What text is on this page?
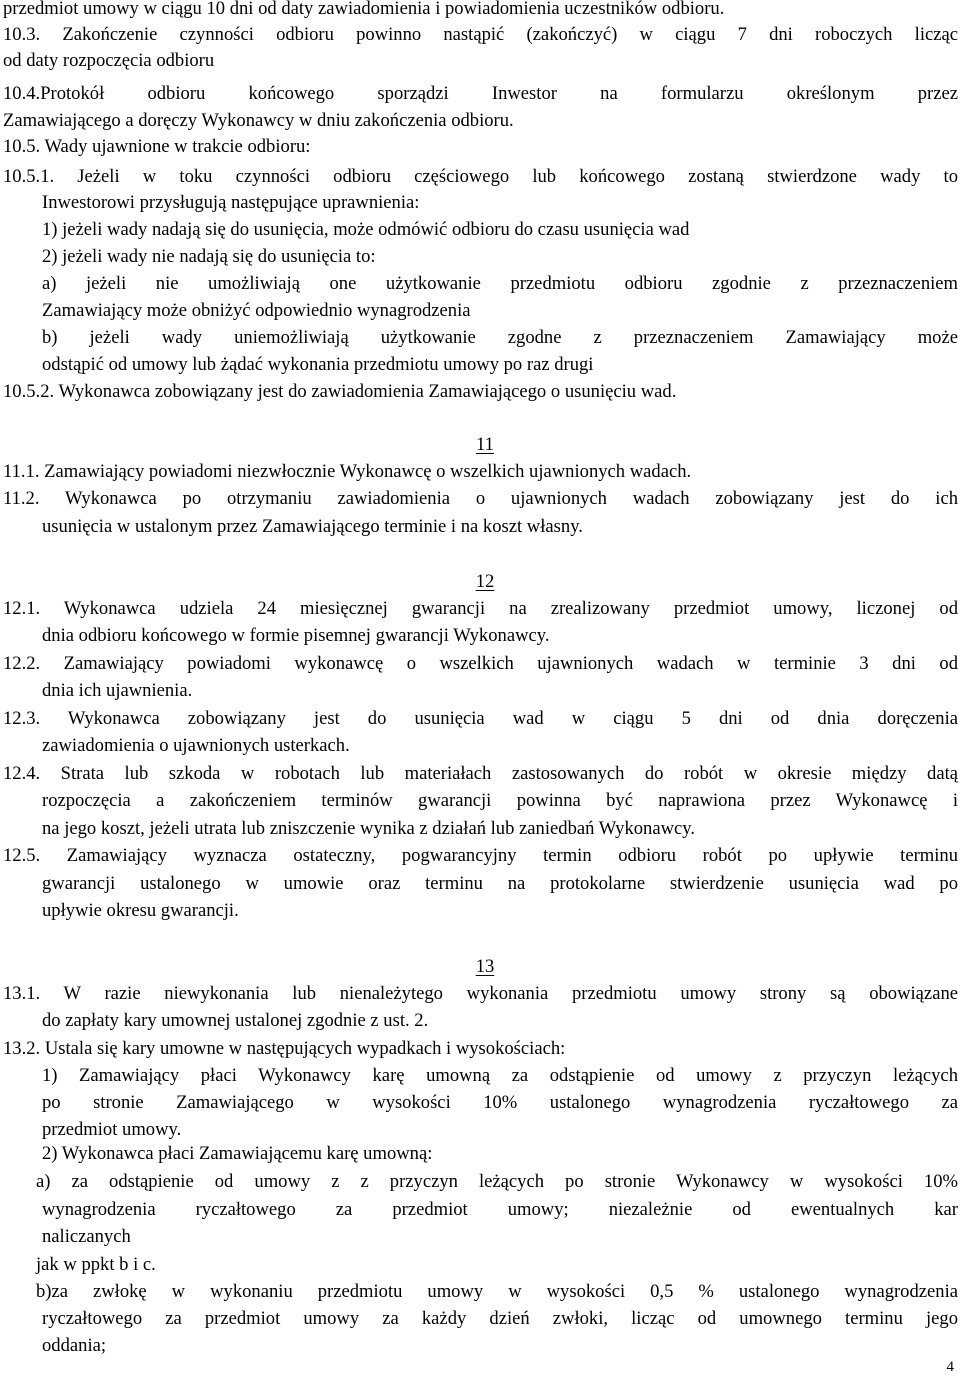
przedmiot umowy w ciągu 10 dni od daty zawiadomienia i powiadomienia uczestników odbioru.
10.3. Zakończenie czynności odbioru powinno nastąpić (zakończyć) w ciągu 7 dni roboczych licząc
od daty rozpoczęcia odbioru
10.4.Protokół odbioru końcowego sporządzi Inwestor na formularzu określonym przez
Zamawiającego a doręczy Wykonawcy w dniu zakończenia odbioru.
10.5. Wady ujawnione w trakcie odbioru:
10.5.1. Jeżeli w toku czynności odbioru częściowego lub końcowego zostaną stwierdzone wady to
Inwestorowi przysługują następujące uprawnienia:
1) jeżeli wady nadają się do usunięcia, może odmówić odbioru do czasu usunięcia wad
2) jeżeli wady nie nadają się do usunięcia to:
a) jeżeli nie umożliwiają one użytkowanie przedmiotu odbioru zgodnie z przeznaczeniem
Zamawiający może obniżyć odpowiednio wynagrodzenia
b) jeżeli wady uniemożliwiają użytkowanie zgodne z przeznaczeniem Zamawiający może
odstąpić od umowy lub żądać wykonania przedmiotu umowy po raz drugi
10.5.2. Wykonawca zobowiązany jest do zawiadomienia Zamawiającego o usunięciu wad.
11
11.1. Zamawiający powiadomi niezwłocznie Wykonawcę o wszelkich ujawnionych wadach.
11.2. Wykonawca po otrzymaniu zawiadomienia o ujawnionych wadach zobowiązany jest do ich
usunięcia w ustalonym przez Zamawiającego terminie i na koszt własny.
12
12.1. Wykonawca udziela 24 miesięcznej gwarancji na zrealizowany przedmiot umowy, liczonej od
dnia odbioru końcowego w formie pisemnej gwarancji Wykonawcy.
12.2. Zamawiający powiadomi wykonawcę o wszelkich ujawnionych wadach w terminie 3 dni od
dnia ich ujawnienia.
12.3. Wykonawca zobowiązany jest do usunięcia wad w ciągu 5 dni od dnia doręczenia
zawiadomienia o ujawnionych usterkach.
12.4. Strata lub szkoda w robotach lub materiałach zastosowanych do robót w okresie między datą
rozpoczęcia a zakończeniem terminów gwarancji powinna być naprawiona przez Wykonawcę i
na jego koszt, jeżeli utrata lub zniszczenie wynika z działań lub zaniedbań Wykonawcy.
12.5. Zamawiający wyznacza ostateczny, pogwarancyjny termin odbioru robót po upływie terminu
gwarancji ustalonego w umowie oraz terminu na protokolarne stwierdzenie usunięcia wad po
upływie okresu gwarancji.
13
13.1. W razie niewykonania lub nienależytego wykonania przedmiotu umowy strony są obowiązane
do zapłaty kary umownej ustalonej zgodnie z ust. 2.
13.2. Ustala się kary umowne w następujących wypadkach i wysokościach:
1) Zamawiający płaci Wykonawcy karę umowną za odstąpienie od umowy z przyczyn leżących
po stronie Zamawiającego w wysokości 10% ustalonego wynagrodzenia ryczałtowego za
przedmiot umowy.
2) Wykonawca płaci Zamawiającemu karę umowną:
a) za odstąpienie od umowy z z przyczyn leżących po stronie Wykonawcy w wysokości 10%
wynagrodzenia ryczałtowego za przedmiot umowy; niezależnie od ewentualnych kar
naliczanych
jak w ppkt b i c.
b)za zwłokę w wykonaniu przedmiotu umowy w wysokości 0,5 % ustalonego wynagrodzenia
ryczałtowego za przedmiot umowy za każdy dzień zwłoki, licząc od umownego terminu jego
oddania;
4
